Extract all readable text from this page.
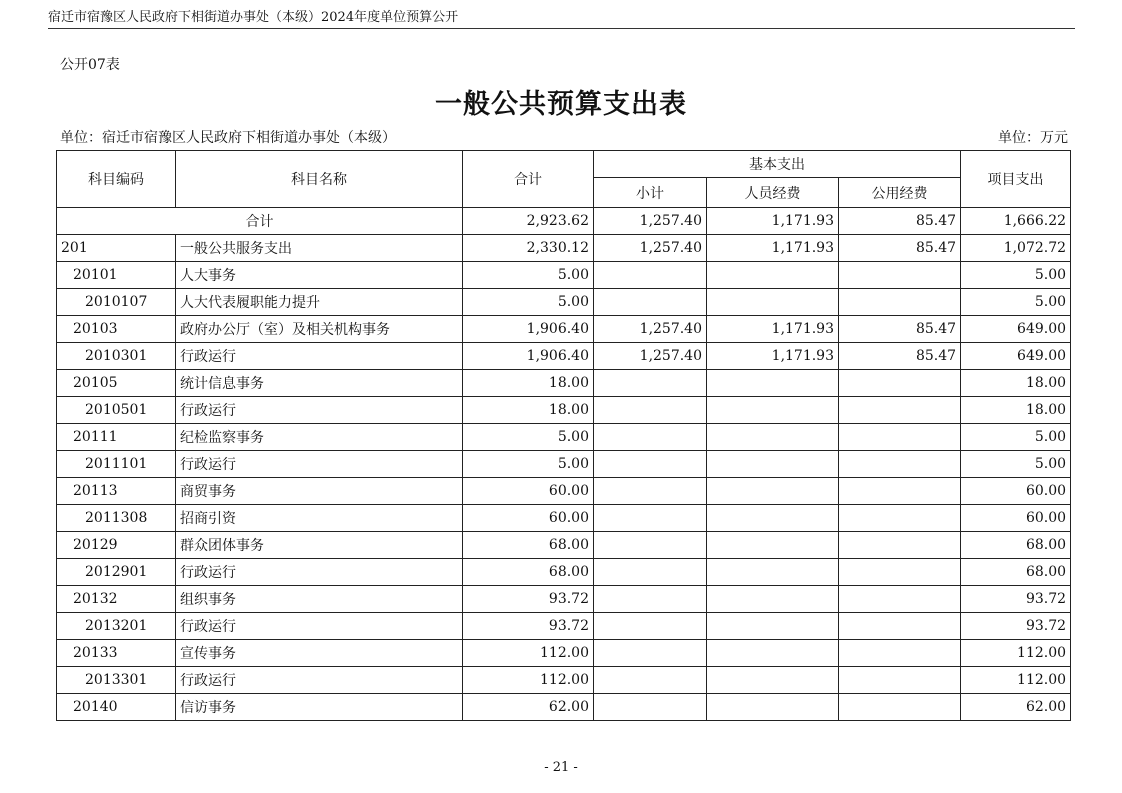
宿迁市宿豫区人民政府下相街道办事处（本级）2024年度单位预算公开
公开07表
一般公共预算支出表
单位：宿迁市宿豫区人民政府下相街道办事处（本级）	单位：万元
科目编码	科目名称	合计	基本支出			项目支出
			小计	人员经费	公用经费	
合计		2,923.62	1,257.40	1,171.93	85.47	1,666.22
201	一般公共服务支出	2,330.12	1,257.40	1,171.93	85.47	1,072.72
20101	人大事务	5.00				5.00
2010107	人大代表履职能力提升	5.00				5.00
20103	政府办公厅（室）及相关机构事务	1,906.40	1,257.40	1,171.93	85.47	649.00
2010301	行政运行	1,906.40	1,257.40	1,171.93	85.47	649.00
20105	统计信息事务	18.00				18.00
2010501	行政运行	18.00				18.00
20111	纪检监察事务	5.00				5.00
2011101	行政运行	5.00				5.00
20113	商贸事务	60.00				60.00
2011308	招商引资	60.00				60.00
20129	群众团体事务	68.00				68.00
2012901	行政运行	68.00				68.00
20132	组织事务	93.72				93.72
2013201	行政运行	93.72				93.72
20133	宣传事务	112.00				112.00
2013301	行政运行	112.00				112.00
20140	信访事务	62.00				62.00
- 21 -
